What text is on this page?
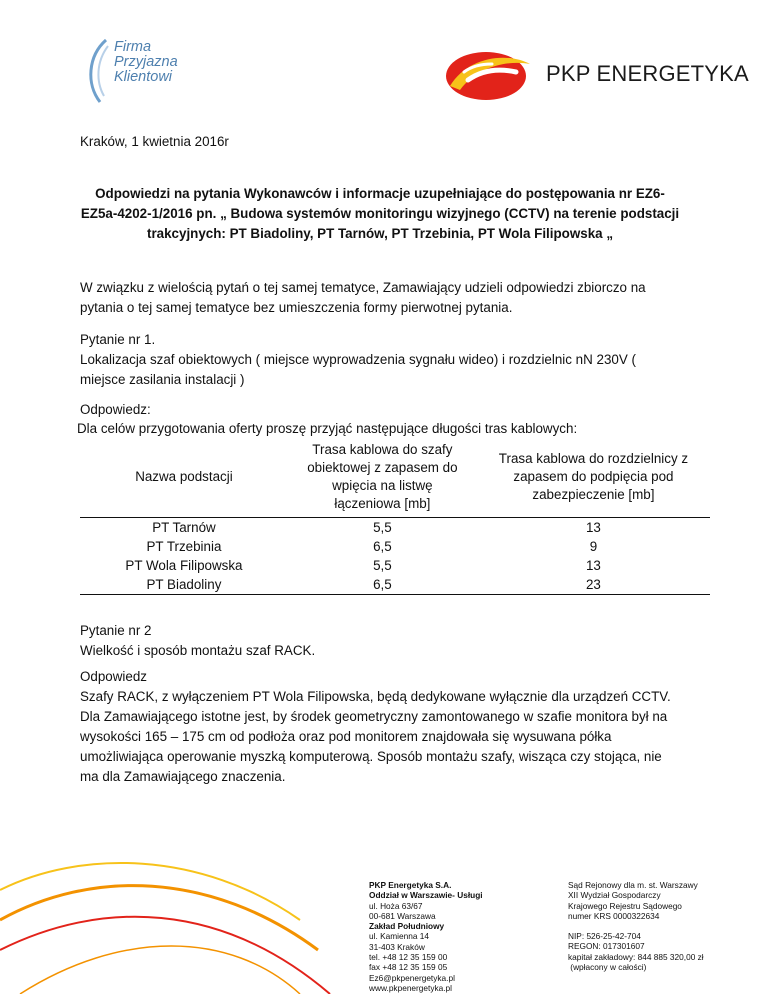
Firma
Przyjazna
Klientowi	PKP ENERGETYKA
Kraków, 1 kwietnia 2016r
Odpowiedzi na pytania Wykonawców i informacje uzupełniające do postępowania nr EZ6-
EZ5a-4202-1/2016 pn. „ Budowa systemów monitoringu wizyjnego (CCTV) na terenie podstacji
trakcyjnych: PT Biadoliny, PT Tarnów, PT Trzebinia, PT Wola Filipowska „
W związku z wielością pytań o tej samej tematyce, Zamawiający udzieli odpowiedzi zbiorczo na
pytania o tej samej tematyce bez umieszczenia formy pierwotnej pytania.
Pytanie nr 1.
Lokalizacja szaf obiektowych ( miejsce wyprowadzenia sygnału wideo) i rozdzielnic nN 230V (
miejsce zasilania instalacji )
Odpowiedz:
Dla celów przygotowania oferty proszę przyjąć następujące długości tras kablowych:
Nazwa podstacji	Trasa kablowa do szafy obiektowej z zapasem do wpięcia na listwę łączeniowa [mb]	Trasa kablowa do rozdzielnicy z zapasem do podpięcia pod zabezpieczenie [mb]
PT Tarnów	5,5	13
PT Trzebinia	6,5	9
PT Wola Filipowska	5,5	13
PT Biadoliny	6,5	23
Pytanie nr 2
Wielkość i sposób montażu szaf RACK.
Odpowiedz
Szafy RACK, z wyłączeniem PT Wola Filipowska, będą dedykowane wyłącznie dla urządzeń CCTV.
Dla Zamawiającego istotne jest, by środek geometryczny zamontowanego w szafie monitora był na
wysokości 165 – 175 cm od podłoża oraz pod monitorem znajdowała się wysuwana półka
umożliwiająca operowanie myszką komputerową. Sposób montażu szafy, wisząca czy stojąca, nie
ma dla Zamawiającego znaczenia.
PKP Energetyka S.A.
Oddział w Warszawie- Usługi
ul. Hoża 63/67
00-681 Warszawa
Zakład Południowy
ul. Kamienna 14
31-403 Kraków
tel. +48 12 35 159 00
fax +48 12 35 159 05
Ez6@pkpenergetyka.pl
www.pkpenergetyka.pl
Sąd Rejonowy dla m. st. Warszawy
XII Wydział Gospodarczy
Krajowego Rejestru Sądowego
numer KRS 0000322634
NIP: 526-25-42-704
REGON: 017301607
kapitał zakładowy: 844 885 320,00 zł
(wpłacony w całości)
